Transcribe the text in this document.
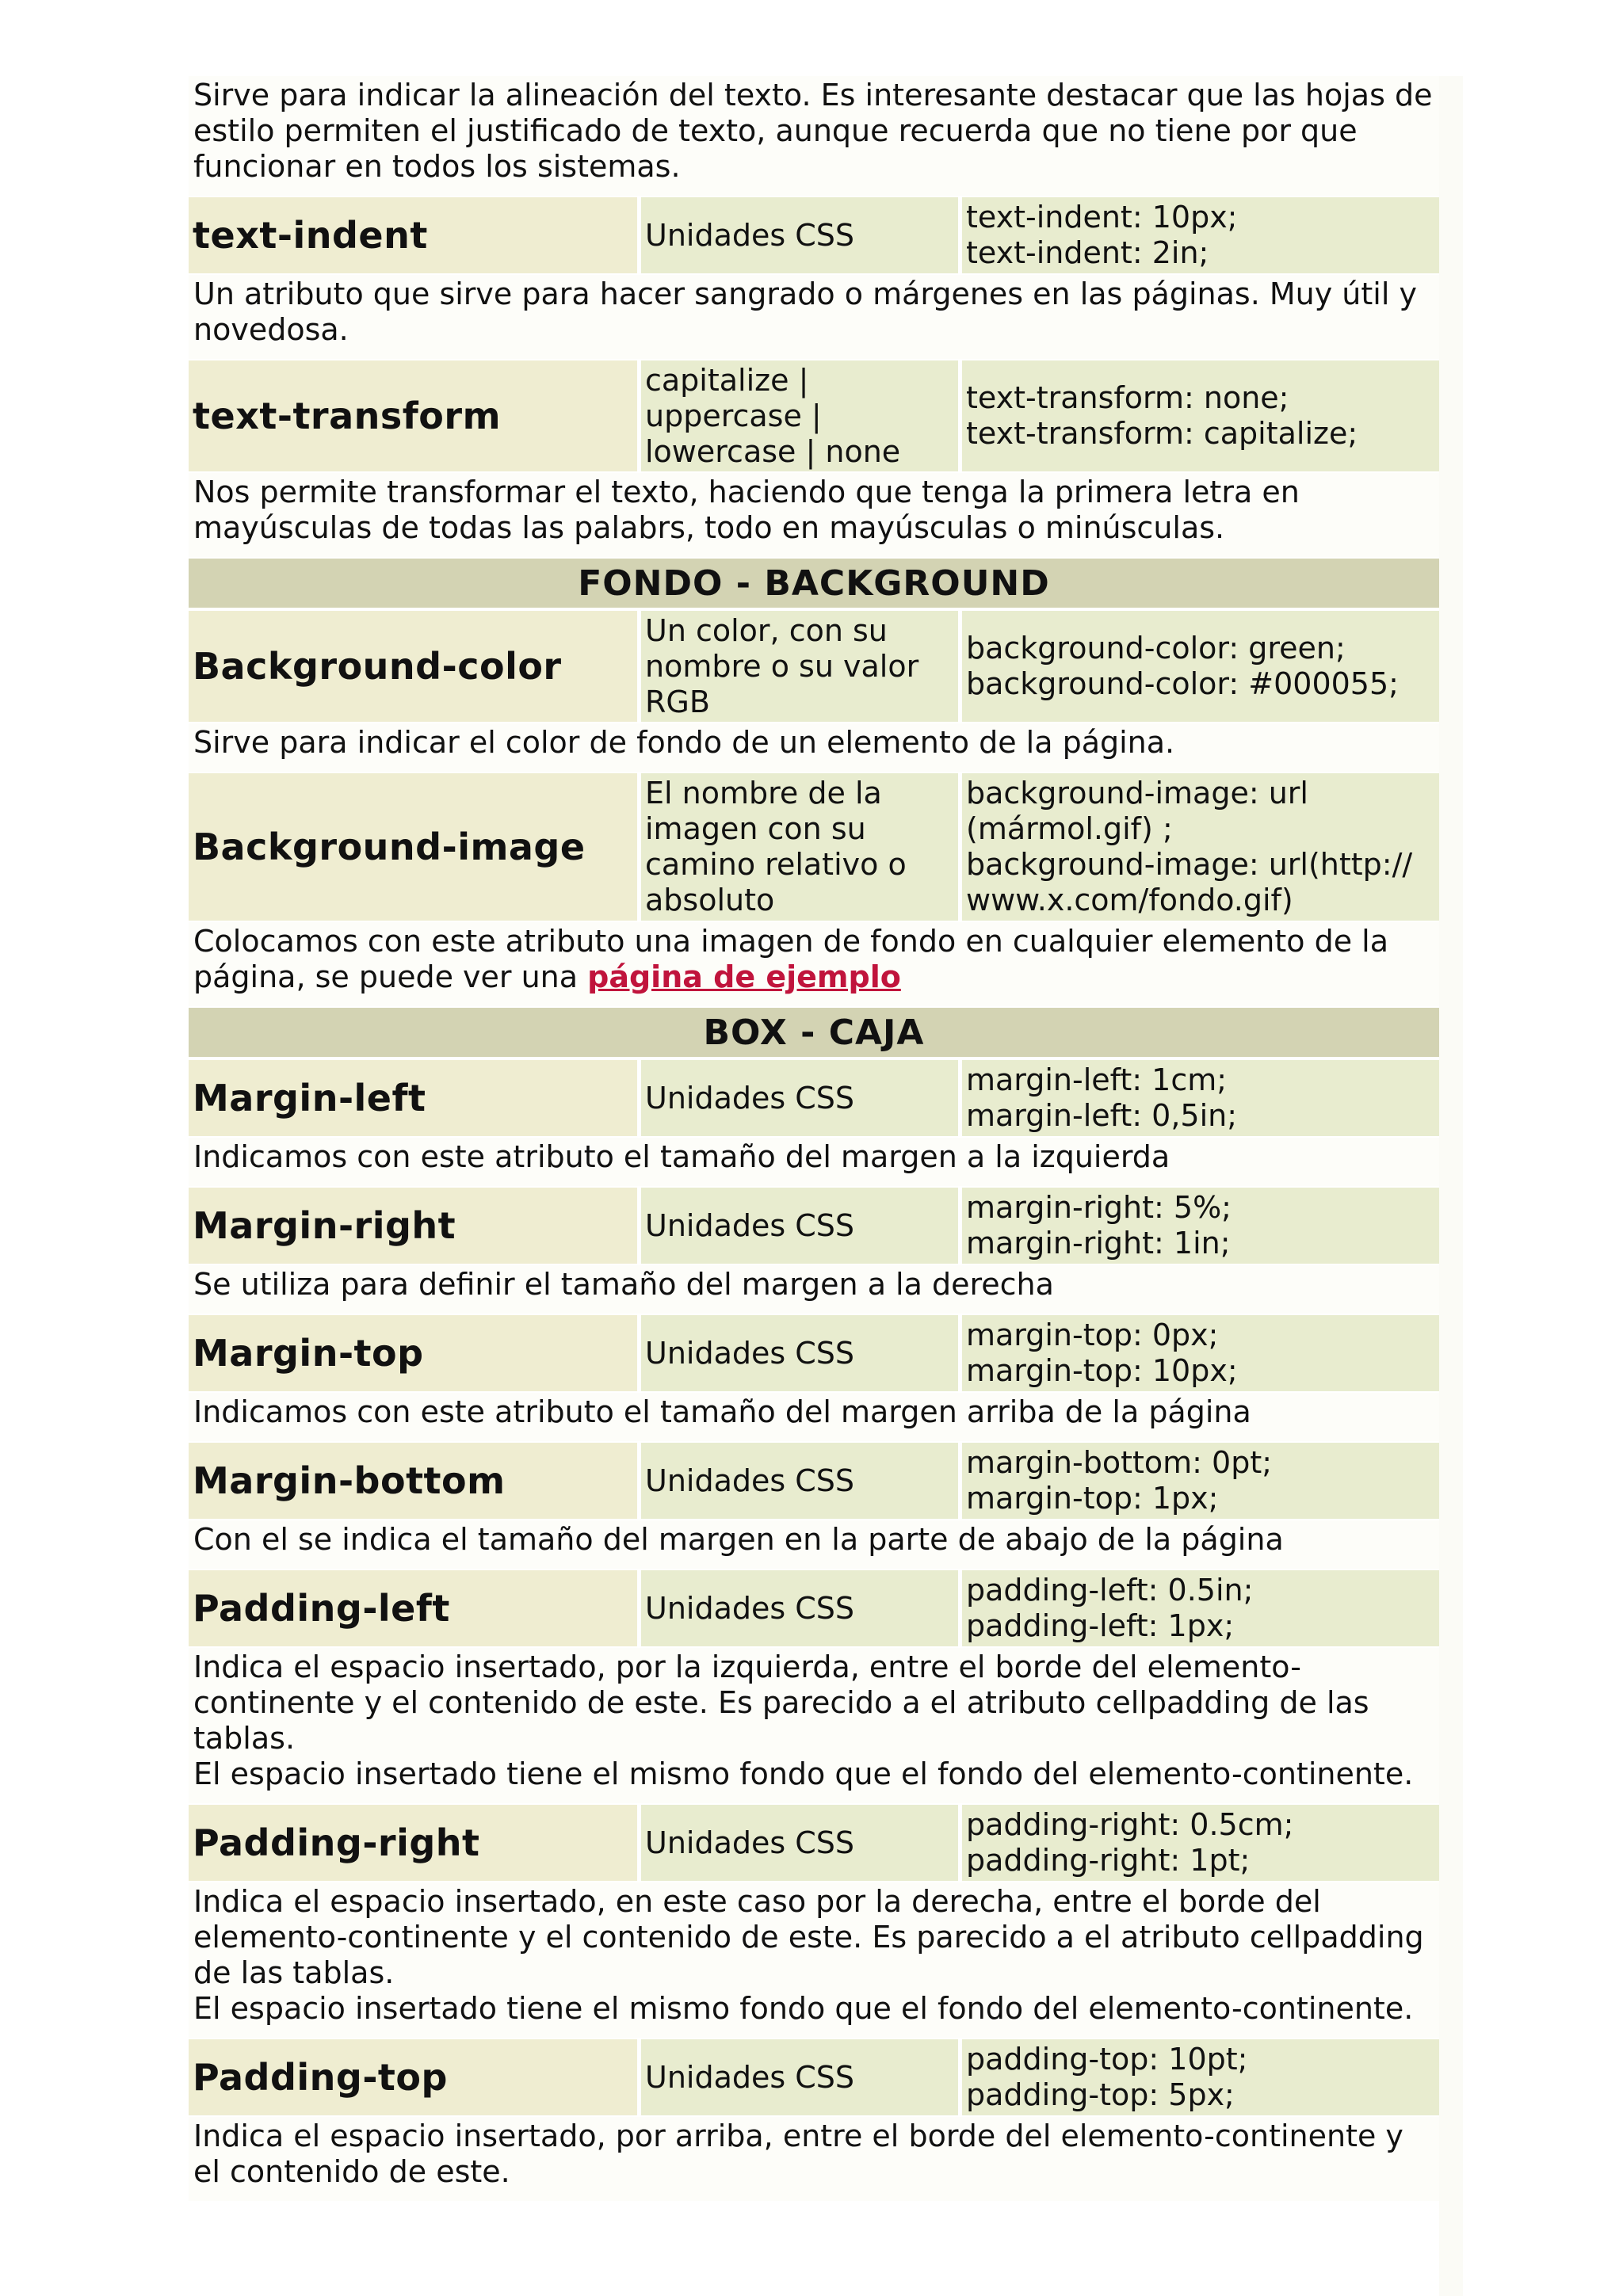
Sirve para indicar la alineación del texto. Es interesante destacar que las hojas de estilo permiten el justificado de texto, aunque recuerda que no tiene por que funcionar en todos los sistemas.
text-indent	Unidades CSS	text-indent: 10px;
text-indent: 2in;
Un atributo que sirve para hacer sangrado o márgenes en las páginas. Muy útil y novedosa.
text-transform	capitalize |
uppercase |
lowercase | none	text-transform: none;
text-transform: capitalize;
Nos permite transformar el texto, haciendo que tenga la primera letra en mayúsculas de todas las palabrs, todo en mayúsculas o minúsculas.
FONDO - BACKGROUND
Background-color	Un color, con su
nombre o su valor
RGB	background-color: green;
background-color: #000055;
Sirve para indicar el color de fondo de un elemento de la página.
Background-image	El nombre de la
imagen con su
camino relativo o
absoluto	background-image: url
(mármol.gif) ;
background-image: url(http://
www.x.com/fondo.gif)
Colocamos con este atributo una imagen de fondo en cualquier elemento de la página, se puede ver una página de ejemplo
BOX - CAJA
Margin-left	Unidades CSS	margin-left: 1cm;
margin-left: 0,5in;
Indicamos con este atributo el tamaño del margen a la izquierda
Margin-right	Unidades CSS	margin-right: 5%;
margin-right: 1in;
Se utiliza para definir el tamaño del margen a la derecha
Margin-top	Unidades CSS	margin-top: 0px;
margin-top: 10px;
Indicamos con este atributo el tamaño del margen arriba de la página
Margin-bottom	Unidades CSS	margin-bottom: 0pt;
margin-top: 1px;
Con el se indica el tamaño del margen en la parte de abajo de la página
Padding-left	Unidades CSS	padding-left: 0.5in;
padding-left: 1px;
Indica el espacio insertado, por la izquierda, entre el borde del elemento-continente y el contenido de este. Es parecido a el atributo cellpadding de las tablas.
El espacio insertado tiene el mismo fondo que el fondo del elemento-continente.
Padding-right	Unidades CSS	padding-right: 0.5cm;
padding-right: 1pt;
Indica el espacio insertado, en este caso por la derecha, entre el borde del elemento-continente y el contenido de este. Es parecido a el atributo cellpadding de las tablas.
El espacio insertado tiene el mismo fondo que el fondo del elemento-continente.
Padding-top	Unidades CSS	padding-top: 10pt;
padding-top: 5px;
Indica el espacio insertado, por arriba, entre el borde del elemento-continente y el contenido de este.
